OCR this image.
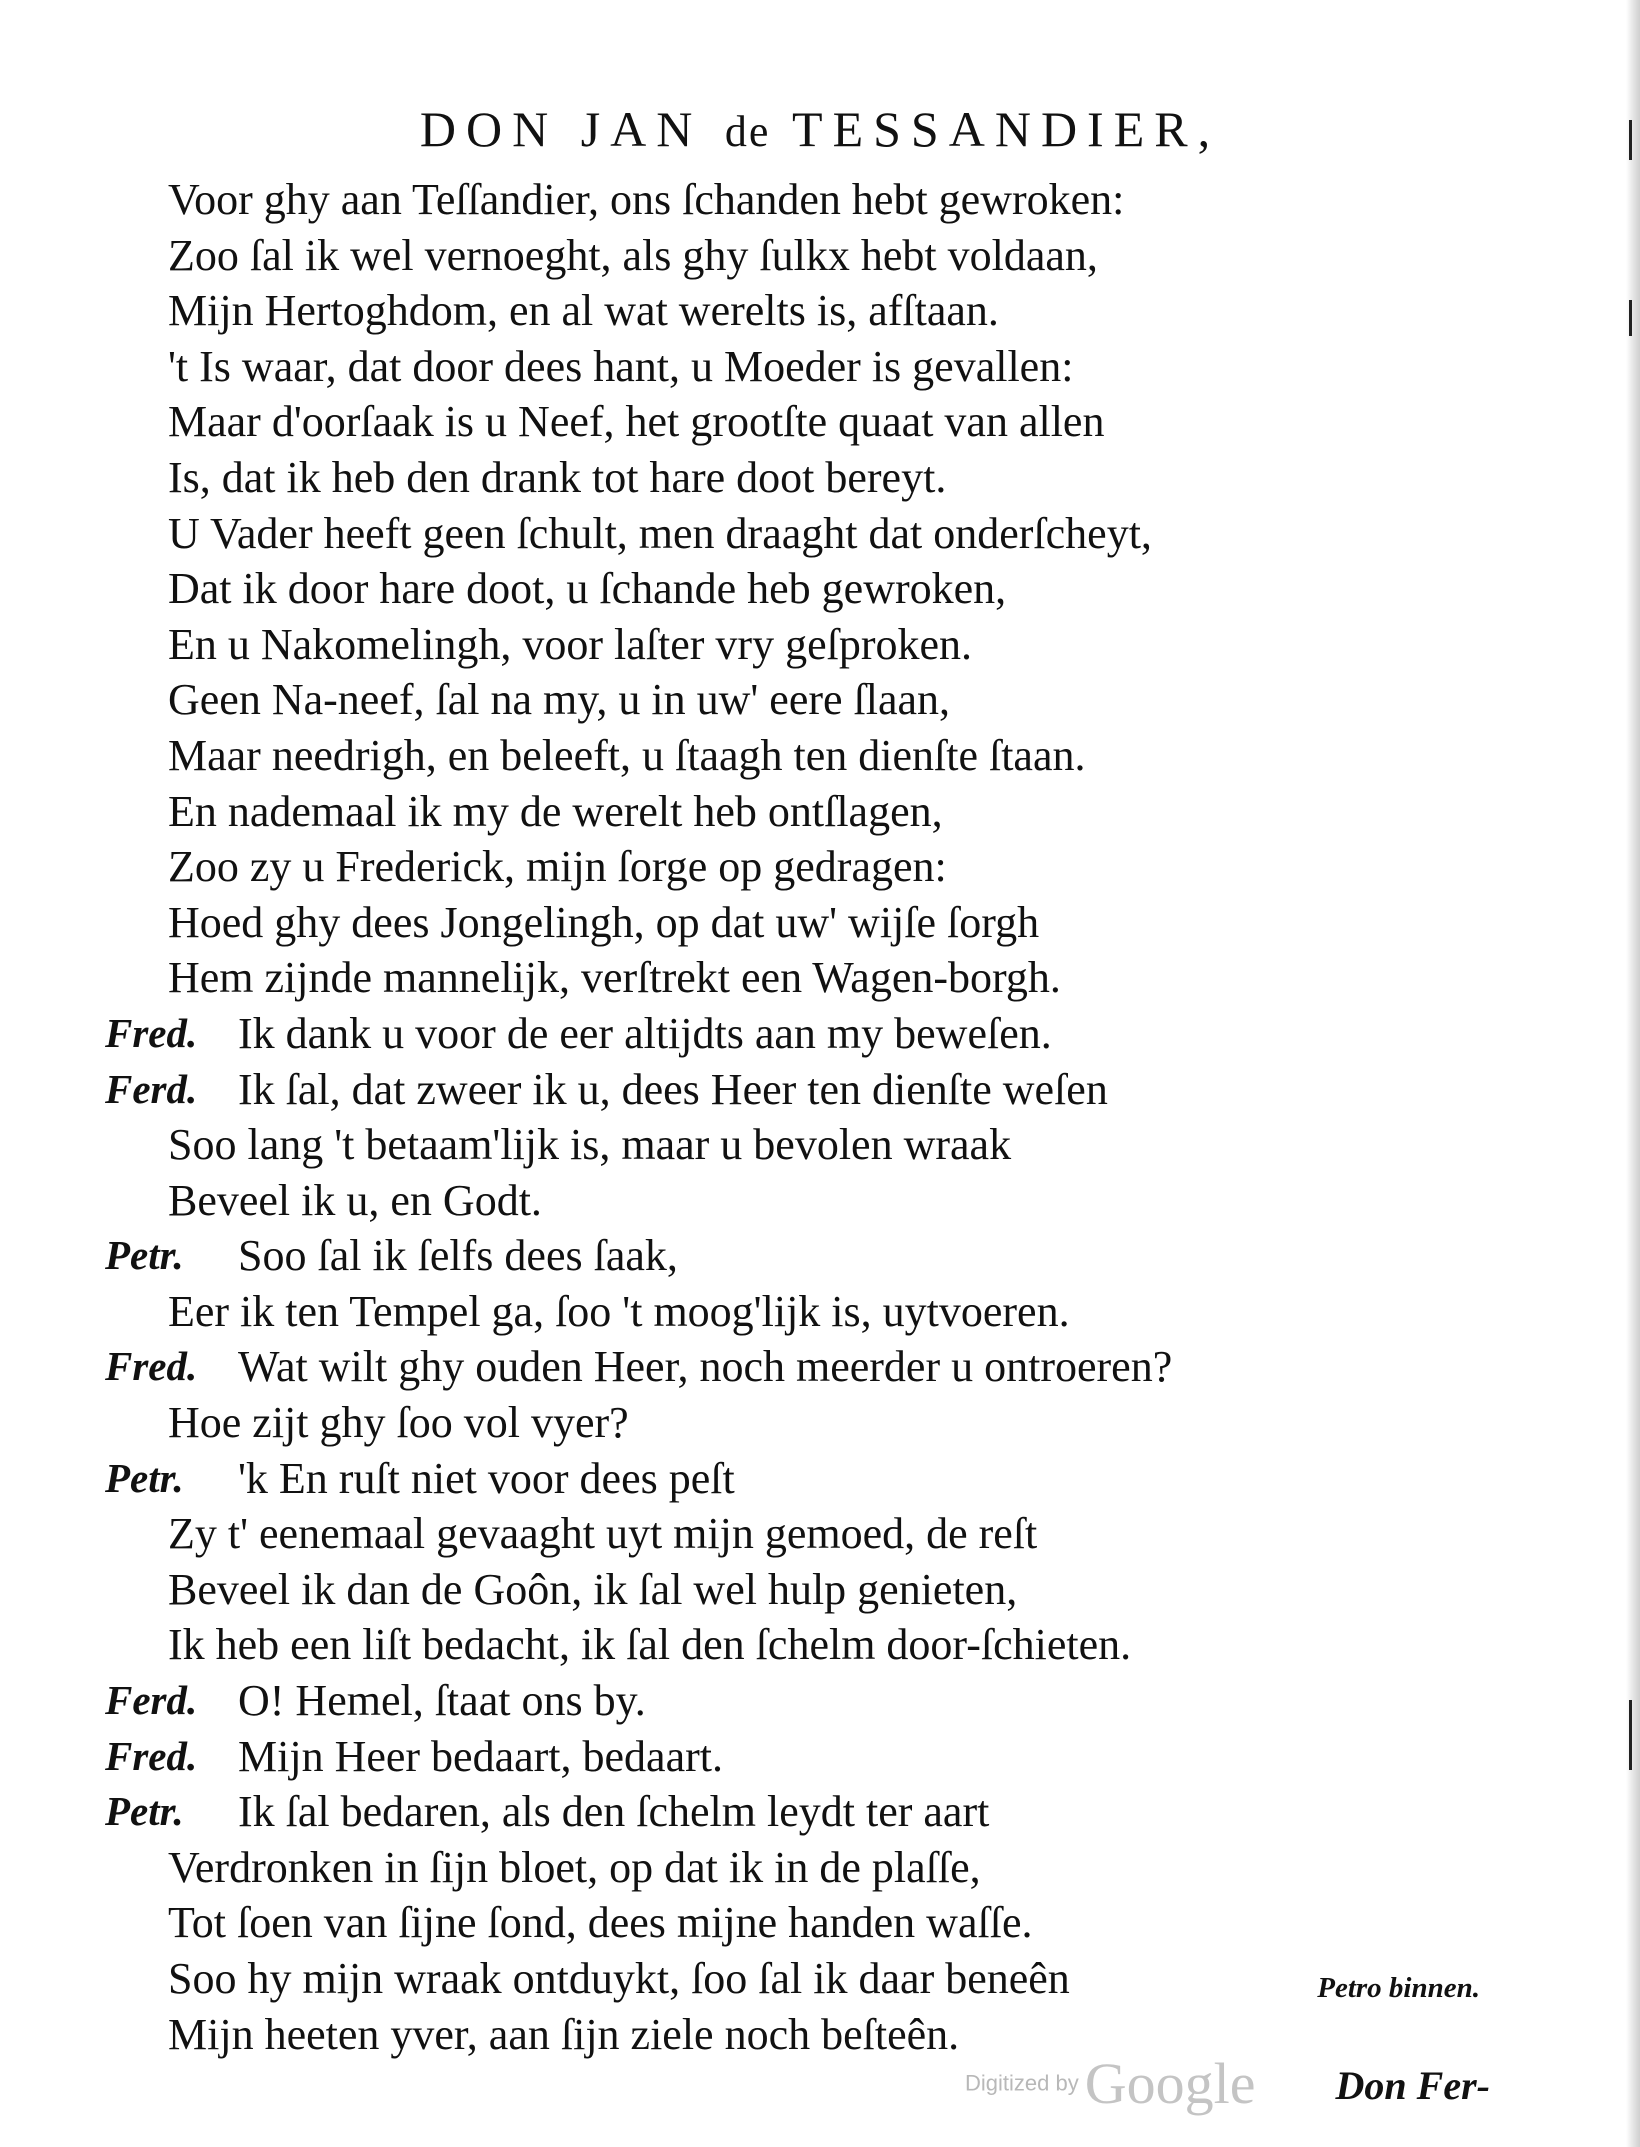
DON JAN de TESSANDIER,
Voor ghy aan Teſſandier, ons ſchanden hebt gewroken:
Zoo ſal ik wel vernoeght, als ghy ſulkx hebt voldaan,
Mijn Hertoghdom, en al wat werelts is, afſtaan.
't Is waar, dat door dees hant, u Moeder is gevallen:
Maar d'oorſaak is u Neef, het grootſte quaat van allen
Is, dat ik heb den drank tot hare doot bereyt.
U Vader heeft geen ſchult, men draaght dat onderſcheyt,
Dat ik door hare doot, u ſchande heb gewroken,
En u Nakomelingh, voor laſter vry geſproken.
Geen Na-neef, ſal na my, u in uw' eere ſlaan,
Maar needrigh, en beleeft, u ſtaagh ten dienſte ſtaan.
En nademaal ik my de werelt heb ontſlagen,
Zoo zy u Frederick, mijn ſorge op gedragen:
Hoed ghy dees Jongelingh, op dat uw' wijſe ſorgh
Hem zijnde mannelijk, verſtrekt een Wagen-borgh.
Fred. Ik dank u voor de eer altijdts aan my beweſen.
Ferd. Ik ſal, dat zweer ik u, dees Heer ten dienſte weſen
Soo lang 't betaam'lijk is, maar u bevolen wraak
Beveel ik u, en Godt.
Petr. Soo ſal ik ſelfs dees ſaak,
Eer ik ten Tempel ga, ſoo 't moog'lijk is, uytvoeren.
Fred. Wat wilt ghy ouden Heer, noch meerder u ontroeren?
Hoe zijt ghy ſoo vol vyer?
Petr. 'k En ruſt niet voor dees peſt
Zy t' eenemaal gevaaght uyt mijn gemoed, de reſt
Beveel ik dan de Goôn, ik ſal wel hulp genieten,
Ik heb een liſt bedacht, ik ſal den ſchelm door-ſchieten.
Ferd. O! Hemel, ſtaat ons by.
Fred. Mijn Heer bedaart, bedaart.
Petr. Ik ſal bedaren, als den ſchelm leydt ter aart
Verdronken in ſijn bloet, op dat ik in de plaſſe,
Tot ſoen van ſijne ſond, dees mijne handen waſſe.
Soo hy mijn wraak ontduykt, ſoo ſal ik daar beneên
Mijn heeten yver, aan ſijn ziele noch beſteên.
Petro binnen.
Don Fer-
Digitized by Google
